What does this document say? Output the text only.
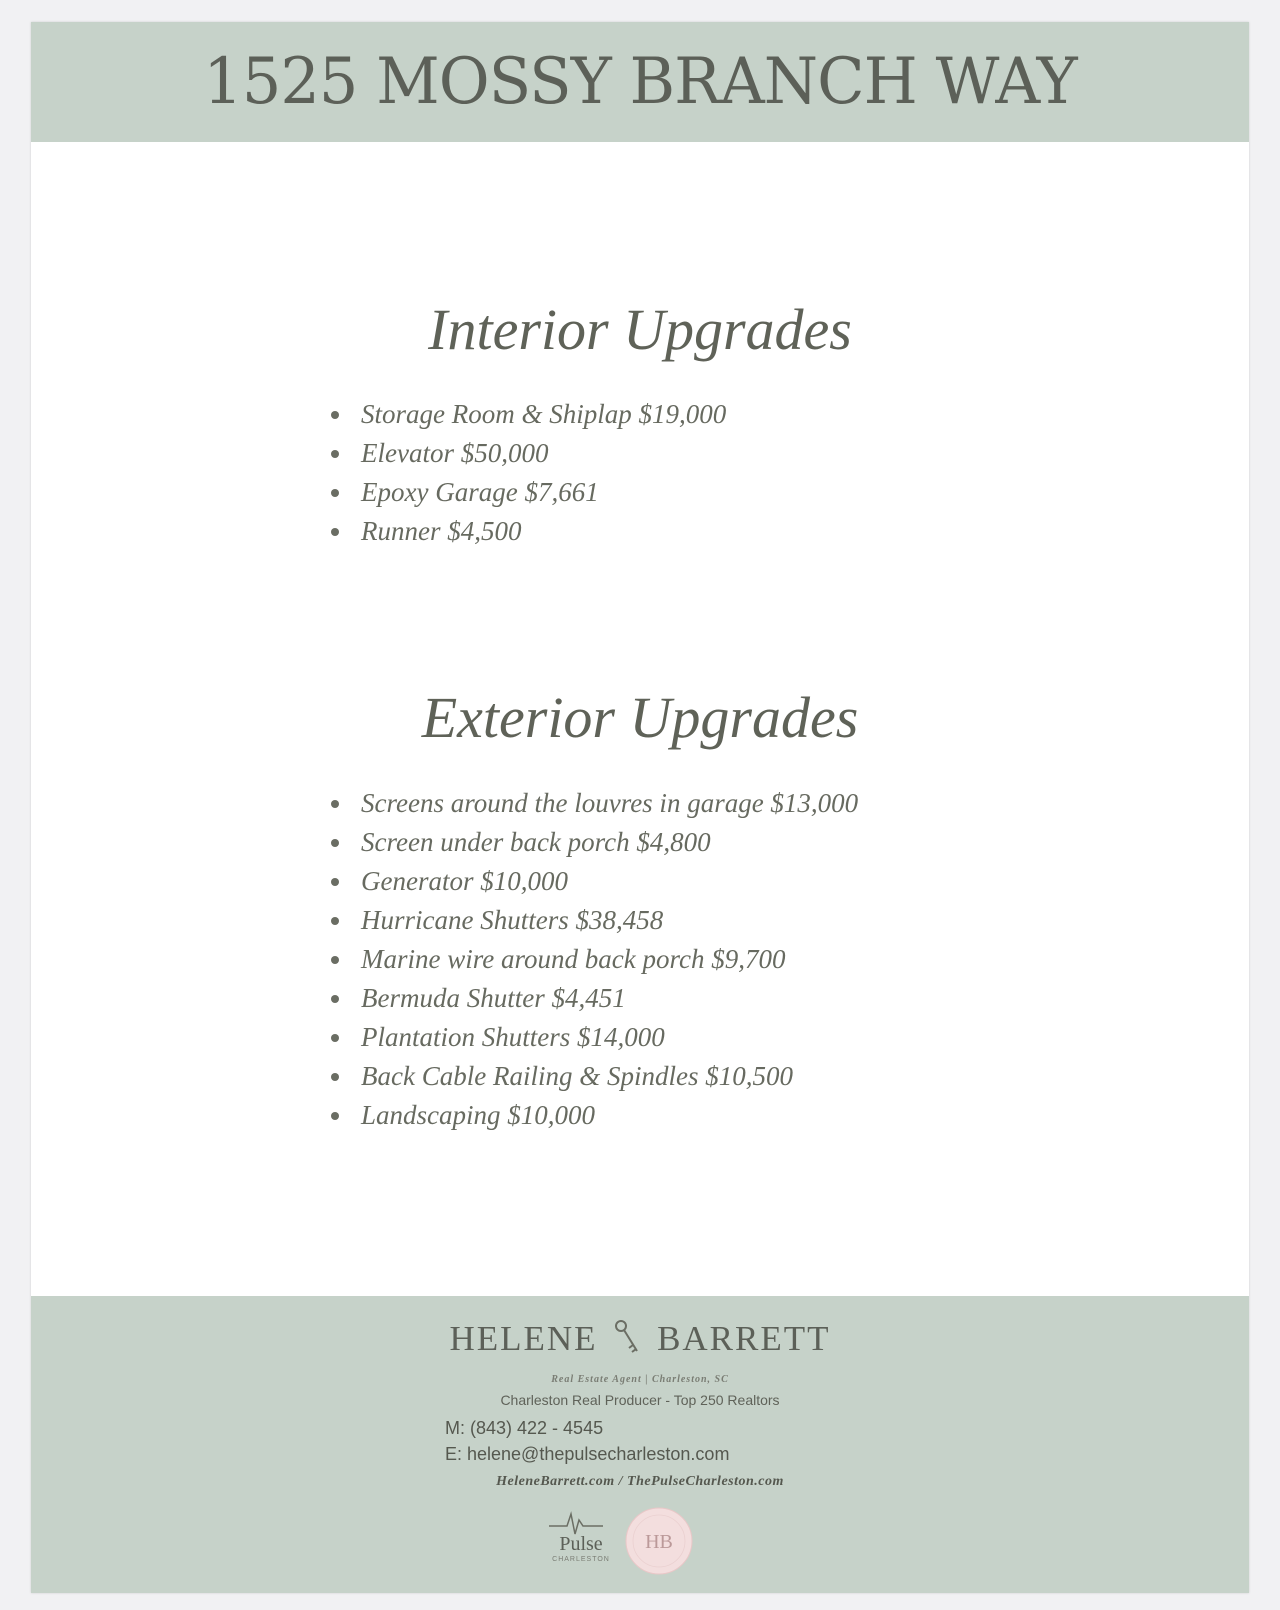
1525 MOSSY BRANCH WAY
Interior Upgrades
Storage Room & Shiplap $19,000
Elevator $50,000
Epoxy Garage $7,661
Runner $4,500
Exterior Upgrades
Screens around the louvres in garage $13,000
Screen under back porch $4,800
Generator $10,000
Hurricane Shutters $38,458
Marine wire around back porch $9,700
Bermuda Shutter $4,451
Plantation Shutters $14,000
Back Cable Railing & Spindles $10,500
Landscaping $10,000
HELENE BARRETT
Real Estate Agent | Charleston, SC
Charleston Real Producer - Top 250 Realtors
M: (843) 422 - 4545
E: helene@thepulsecharleston.com
HeleneBarrett.com / ThePulseCharleston.com
Pulse
CHARLESTON
HB
